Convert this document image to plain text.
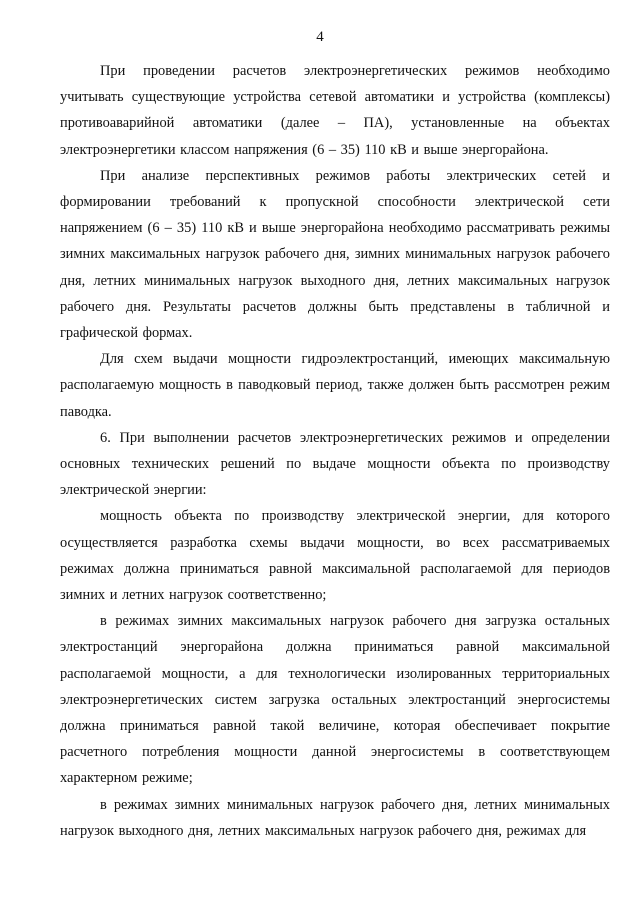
4

При проведении расчетов электроэнергетических режимов необходимо учитывать существующие устройства сетевой автоматики и устройства (комплексы) противоаварийной автоматики (далее – ПА), установленные на объектах электроэнергетики классом напряжения (6 – 35) 110 кВ и выше энергорайона.

При анализе перспективных режимов работы электрических сетей и формировании требований к пропускной способности электрической сети напряжением (6 – 35) 110 кВ и выше энергорайона необходимо рассматривать режимы зимних максимальных нагрузок рабочего дня, зимних минимальных нагрузок рабочего дня, летних минимальных нагрузок выходного дня, летних максимальных нагрузок рабочего дня. Результаты расчетов должны быть представлены в табличной и графической формах.

Для схем выдачи мощности гидроэлектростанций, имеющих максимальную располагаемую мощность в паводковый период, также должен быть рассмотрен режим паводка.

6. При выполнении расчетов электроэнергетических режимов и определении основных технических решений по выдаче мощности объекта по производству электрической энергии:

мощность объекта по производству электрической энергии, для которого осуществляется разработка схемы выдачи мощности, во всех рассматриваемых режимах должна приниматься равной максимальной располагаемой для периодов зимних и летних нагрузок соответственно;

в режимах зимних максимальных нагрузок рабочего дня загрузка остальных электростанций энергорайона должна приниматься равной максимальной располагаемой мощности, а для технологически изолированных территориальных электроэнергетических систем загрузка остальных электростанций энергосистемы должна приниматься равной такой величине, которая обеспечивает покрытие расчетного потребления мощности данной энергосистемы в соответствующем характерном режиме;

в режимах зимних минимальных нагрузок рабочего дня, летних минимальных нагрузок выходного дня, летних максимальных нагрузок рабочего дня, режимах для
